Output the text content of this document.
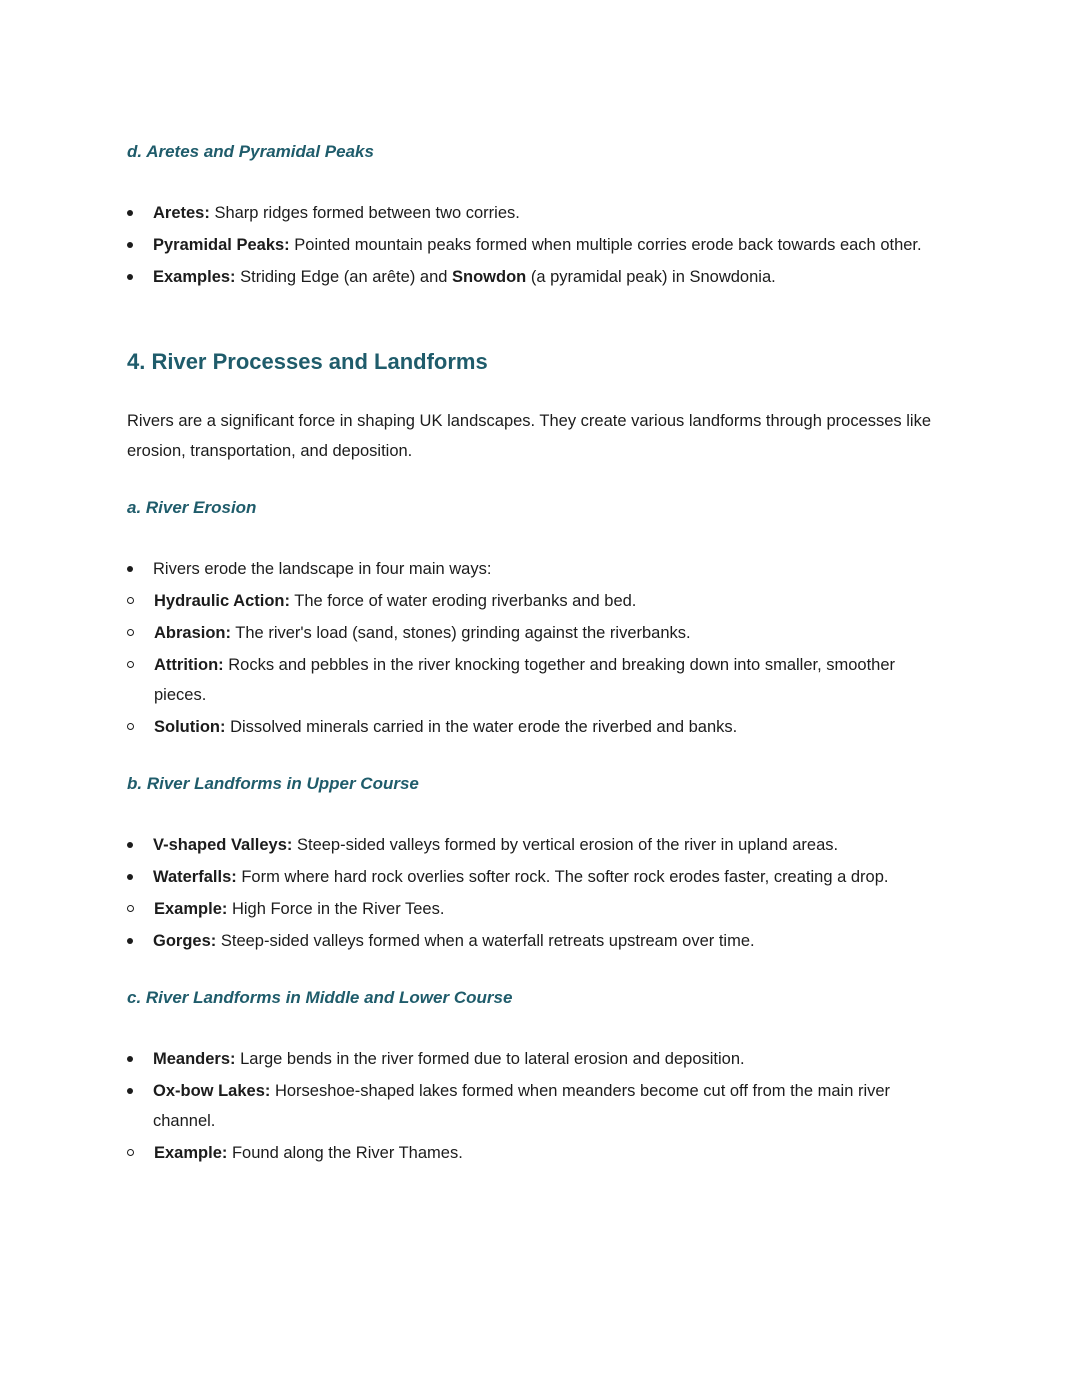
d. Aretes and Pyramidal Peaks
Aretes: Sharp ridges formed between two corries.
Pyramidal Peaks: Pointed mountain peaks formed when multiple corries erode back towards each other.
Examples: Striding Edge (an arête) and Snowdon (a pyramidal peak) in Snowdonia.
4. River Processes and Landforms

Rivers are a significant force in shaping UK landscapes. They create various landforms through processes like erosion, transportation, and deposition.

a. River Erosion
Rivers erode the landscape in four main ways:
Hydraulic Action: The force of water eroding riverbanks and bed.
Abrasion: The river's load (sand, stones) grinding against the riverbanks.
Attrition: Rocks and pebbles in the river knocking together and breaking down into smaller, smoother pieces.
Solution: Dissolved minerals carried in the water erode the riverbed and banks.
b. River Landforms in Upper Course
V-shaped Valleys: Steep-sided valleys formed by vertical erosion of the river in upland areas.
Waterfalls: Form where hard rock overlies softer rock. The softer rock erodes faster, creating a drop.
Example: High Force in the River Tees.
Gorges: Steep-sided valleys formed when a waterfall retreats upstream over time.
c. River Landforms in Middle and Lower Course
Meanders: Large bends in the river formed due to lateral erosion and deposition.
Ox-bow Lakes: Horseshoe-shaped lakes formed when meanders become cut off from the main river channel.
Example: Found along the River Thames.
